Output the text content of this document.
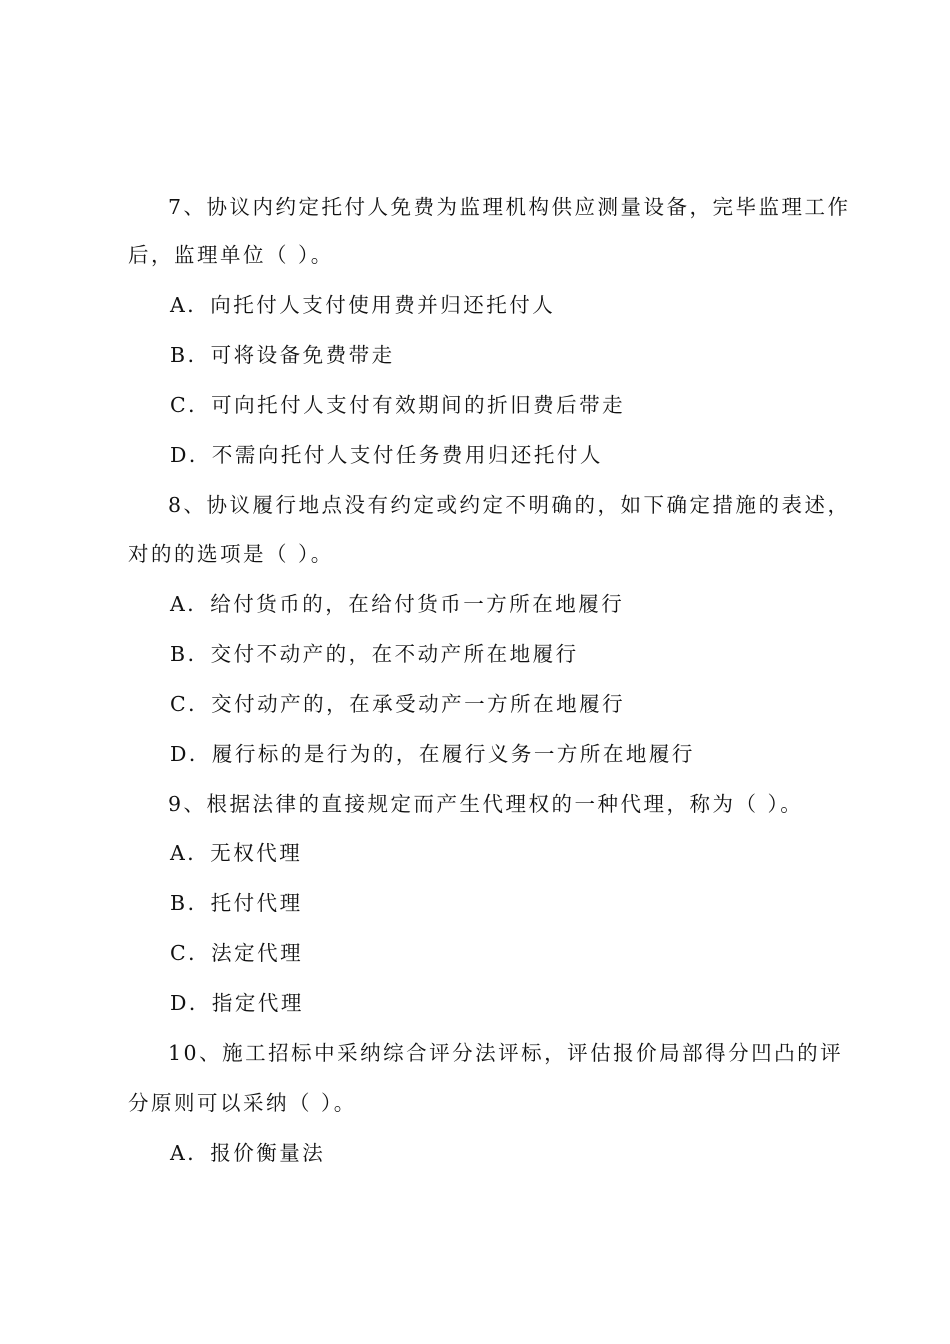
7、协议内约定托付人免费为监理机构供应测量设备，完毕监理工作
后，监理单位（ ）。
A．向托付人支付使用费并归还托付人
B．可将设备免费带走
C．可向托付人支付有效期间的折旧费后带走
D．不需向托付人支付任务费用归还托付人
8、协议履行地点没有约定或约定不明确的，如下确定措施的表述，
对的的选项是（ ）。
A．给付货币的，在给付货币一方所在地履行
B．交付不动产的，在不动产所在地履行
C．交付动产的，在承受动产一方所在地履行
D．履行标的是行为的，在履行义务一方所在地履行
9、根据法律的直接规定而产生代理权的一种代理，称为（ ）。
A．无权代理
B．托付代理
C．法定代理
D．指定代理
10、施工招标中采纳综合评分法评标，评估报价局部得分凹凸的评
分原则可以采纳（ ）。
A．报价衡量法
